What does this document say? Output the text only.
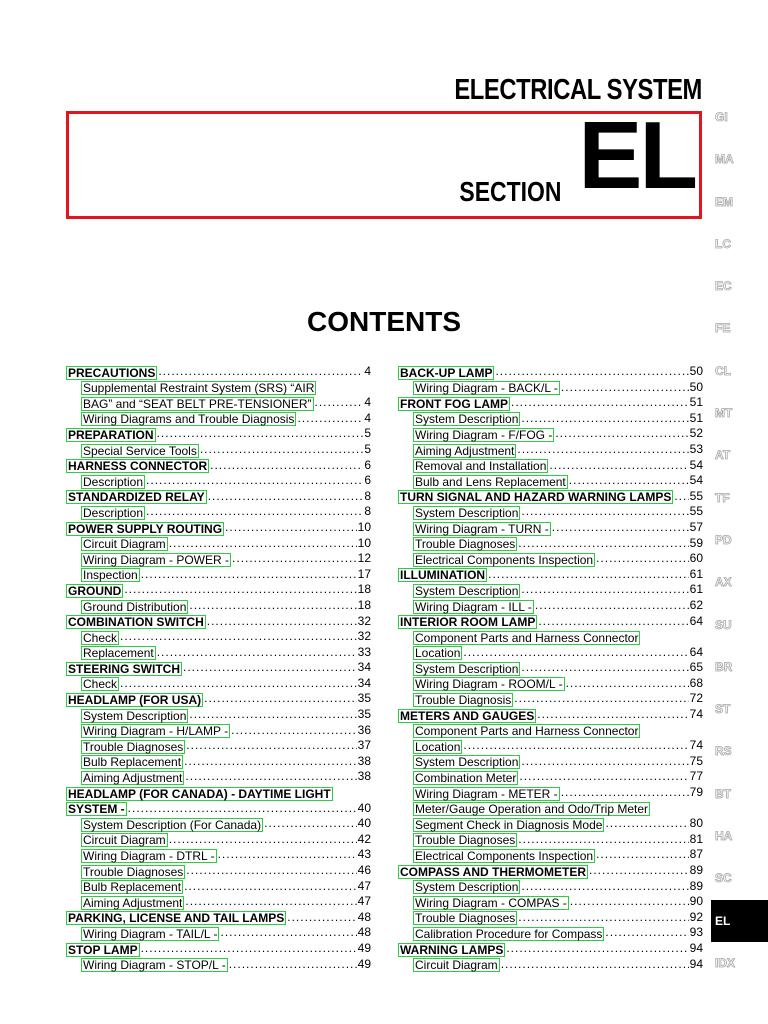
ELECTRICAL SYSTEM
SECTION EL
CONTENTS
PRECAUTIONS .....	4
Supplemental Restraint System (SRS) “AIR
BAG” and “SEAT BELT PRE-TENSIONER” .....	4
Wiring Diagrams and Trouble Diagnosis .....	4
PREPARATION .....	5
Special Service Tools .....	5
HARNESS CONNECTOR .....	6
Description .....	6
STANDARDIZED RELAY .....	8
Description .....	8
POWER SUPPLY ROUTING .....	10
Circuit Diagram .....	10
Wiring Diagram - POWER - .....	12
Inspection .....	17
GROUND .....	18
Ground Distribution .....	18
COMBINATION SWITCH .....	32
Check .....	32
Replacement .....	33
STEERING SWITCH .....	34
Check .....	34
HEADLAMP (FOR USA) .....	35
System Description .....	35
Wiring Diagram - H/LAMP - .....	36
Trouble Diagnoses .....	37
Bulb Replacement .....	38
Aiming Adjustment .....	38
HEADLAMP (FOR CANADA) - DAYTIME LIGHT
SYSTEM - .....	40
System Description (For Canada) .....	40
Circuit Diagram .....	42
Wiring Diagram - DTRL - .....	43
Trouble Diagnoses .....	46
Bulb Replacement .....	47
Aiming Adjustment .....	47
PARKING, LICENSE AND TAIL LAMPS .....	48
Wiring Diagram - TAIL/L - .....	48
STOP LAMP .....	49
Wiring Diagram - STOP/L - .....	49
BACK-UP LAMP .....	50
Wiring Diagram - BACK/L - .....	50
FRONT FOG LAMP .....	51
System Description .....	51
Wiring Diagram - F/FOG - .....	52
Aiming Adjustment .....	53
Removal and Installation .....	54
Bulb and Lens Replacement .....	54
TURN SIGNAL AND HAZARD WARNING LAMPS ..... 55
System Description .....	55
Wiring Diagram - TURN - .....	57
Trouble Diagnoses .....	59
Electrical Components Inspection .....	60
ILLUMINATION .....	61
System Description .....	61
Wiring Diagram - ILL - .....	62
INTERIOR ROOM LAMP .....	64
Component Parts and Harness Connector
Location .....	64
System Description .....	65
Wiring Diagram - ROOM/L - .....	68
Trouble Diagnosis .....	72
METERS AND GAUGES .....	74
Component Parts and Harness Connector
Location .....	74
System Description .....	75
Combination Meter .....	77
Wiring Diagram - METER - .....	79
Meter/Gauge Operation and Odo/Trip Meter
Segment Check in Diagnosis Mode .....	80
Trouble Diagnoses .....	81
Electrical Components Inspection .....	87
COMPASS AND THERMOMETER .....	89
System Description .....	89
Wiring Diagram - COMPAS - .....	90
Trouble Diagnoses .....	92
Calibration Procedure for Compass .....	93
WARNING LAMPS .....	94
Circuit Diagram .....	94
GI
MA
EM
LC
EC
FE
CL
MT
AT
TF
PD
AX
SU
BR
ST
RS
BT
HA
SC
EL
IDX
